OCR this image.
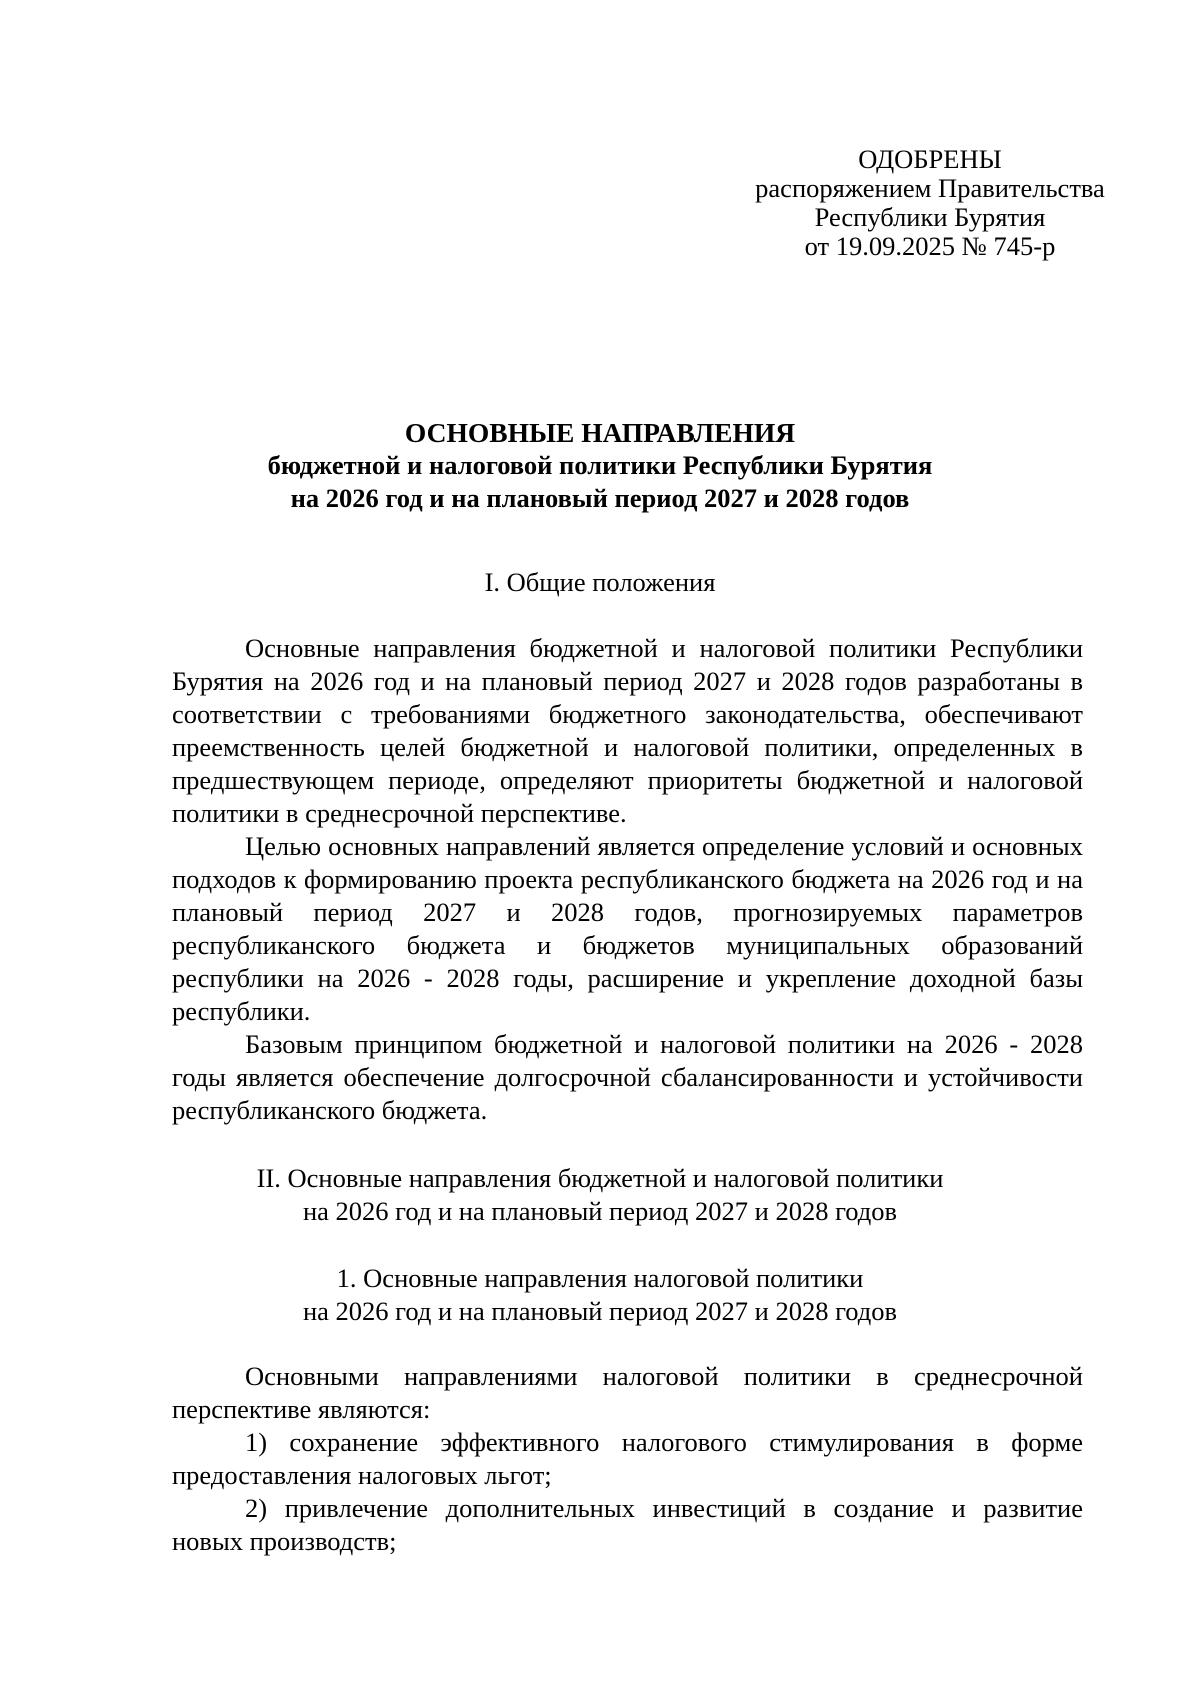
ОДОБРЕНЫ
распоряжением Правительства
Республики Бурятия
от 19.09.2025 № 745-р
ОСНОВНЫЕ НАПРАВЛЕНИЯ
бюджетной и налоговой политики Республики Бурятия
на 2026 год и на плановый период 2027 и 2028 годов
I. Общие положения

Основные направления бюджетной и налоговой политики Республики Бурятия на 2026 год и на плановый период 2027 и 2028 годов разработаны в соответствии с требованиями бюджетного законодательства, обеспечивают преемственность целей бюджетной и налоговой политики, определенных в предшествующем периоде, определяют приоритеты бюджетной и налоговой политики в среднесрочной перспективе.

Целью основных направлений является определение условий и основных подходов к формированию проекта республиканского бюджета на 2026 год и на плановый период 2027 и 2028 годов, прогнозируемых параметров республиканского бюджета и бюджетов муниципальных образований республики на 2026 - 2028 годы, расширение и укрепление доходной базы республики.

Базовым принципом бюджетной и налоговой политики на 2026 - 2028 годы является обеспечение долгосрочной сбалансированности и устойчивости республиканского бюджета.

II. Основные направления бюджетной и налоговой политики
на 2026 год и на плановый период 2027 и 2028 годов
1. Основные направления налоговой политики
на 2026 год и на плановый период 2027 и 2028 годов

Основными направлениями налоговой политики в среднесрочной перспективе являются:

1) сохранение эффективного налогового стимулирования в форме предоставления налоговых льгот;

2) привлечение дополнительных инвестиций в создание и развитие новых производств;
